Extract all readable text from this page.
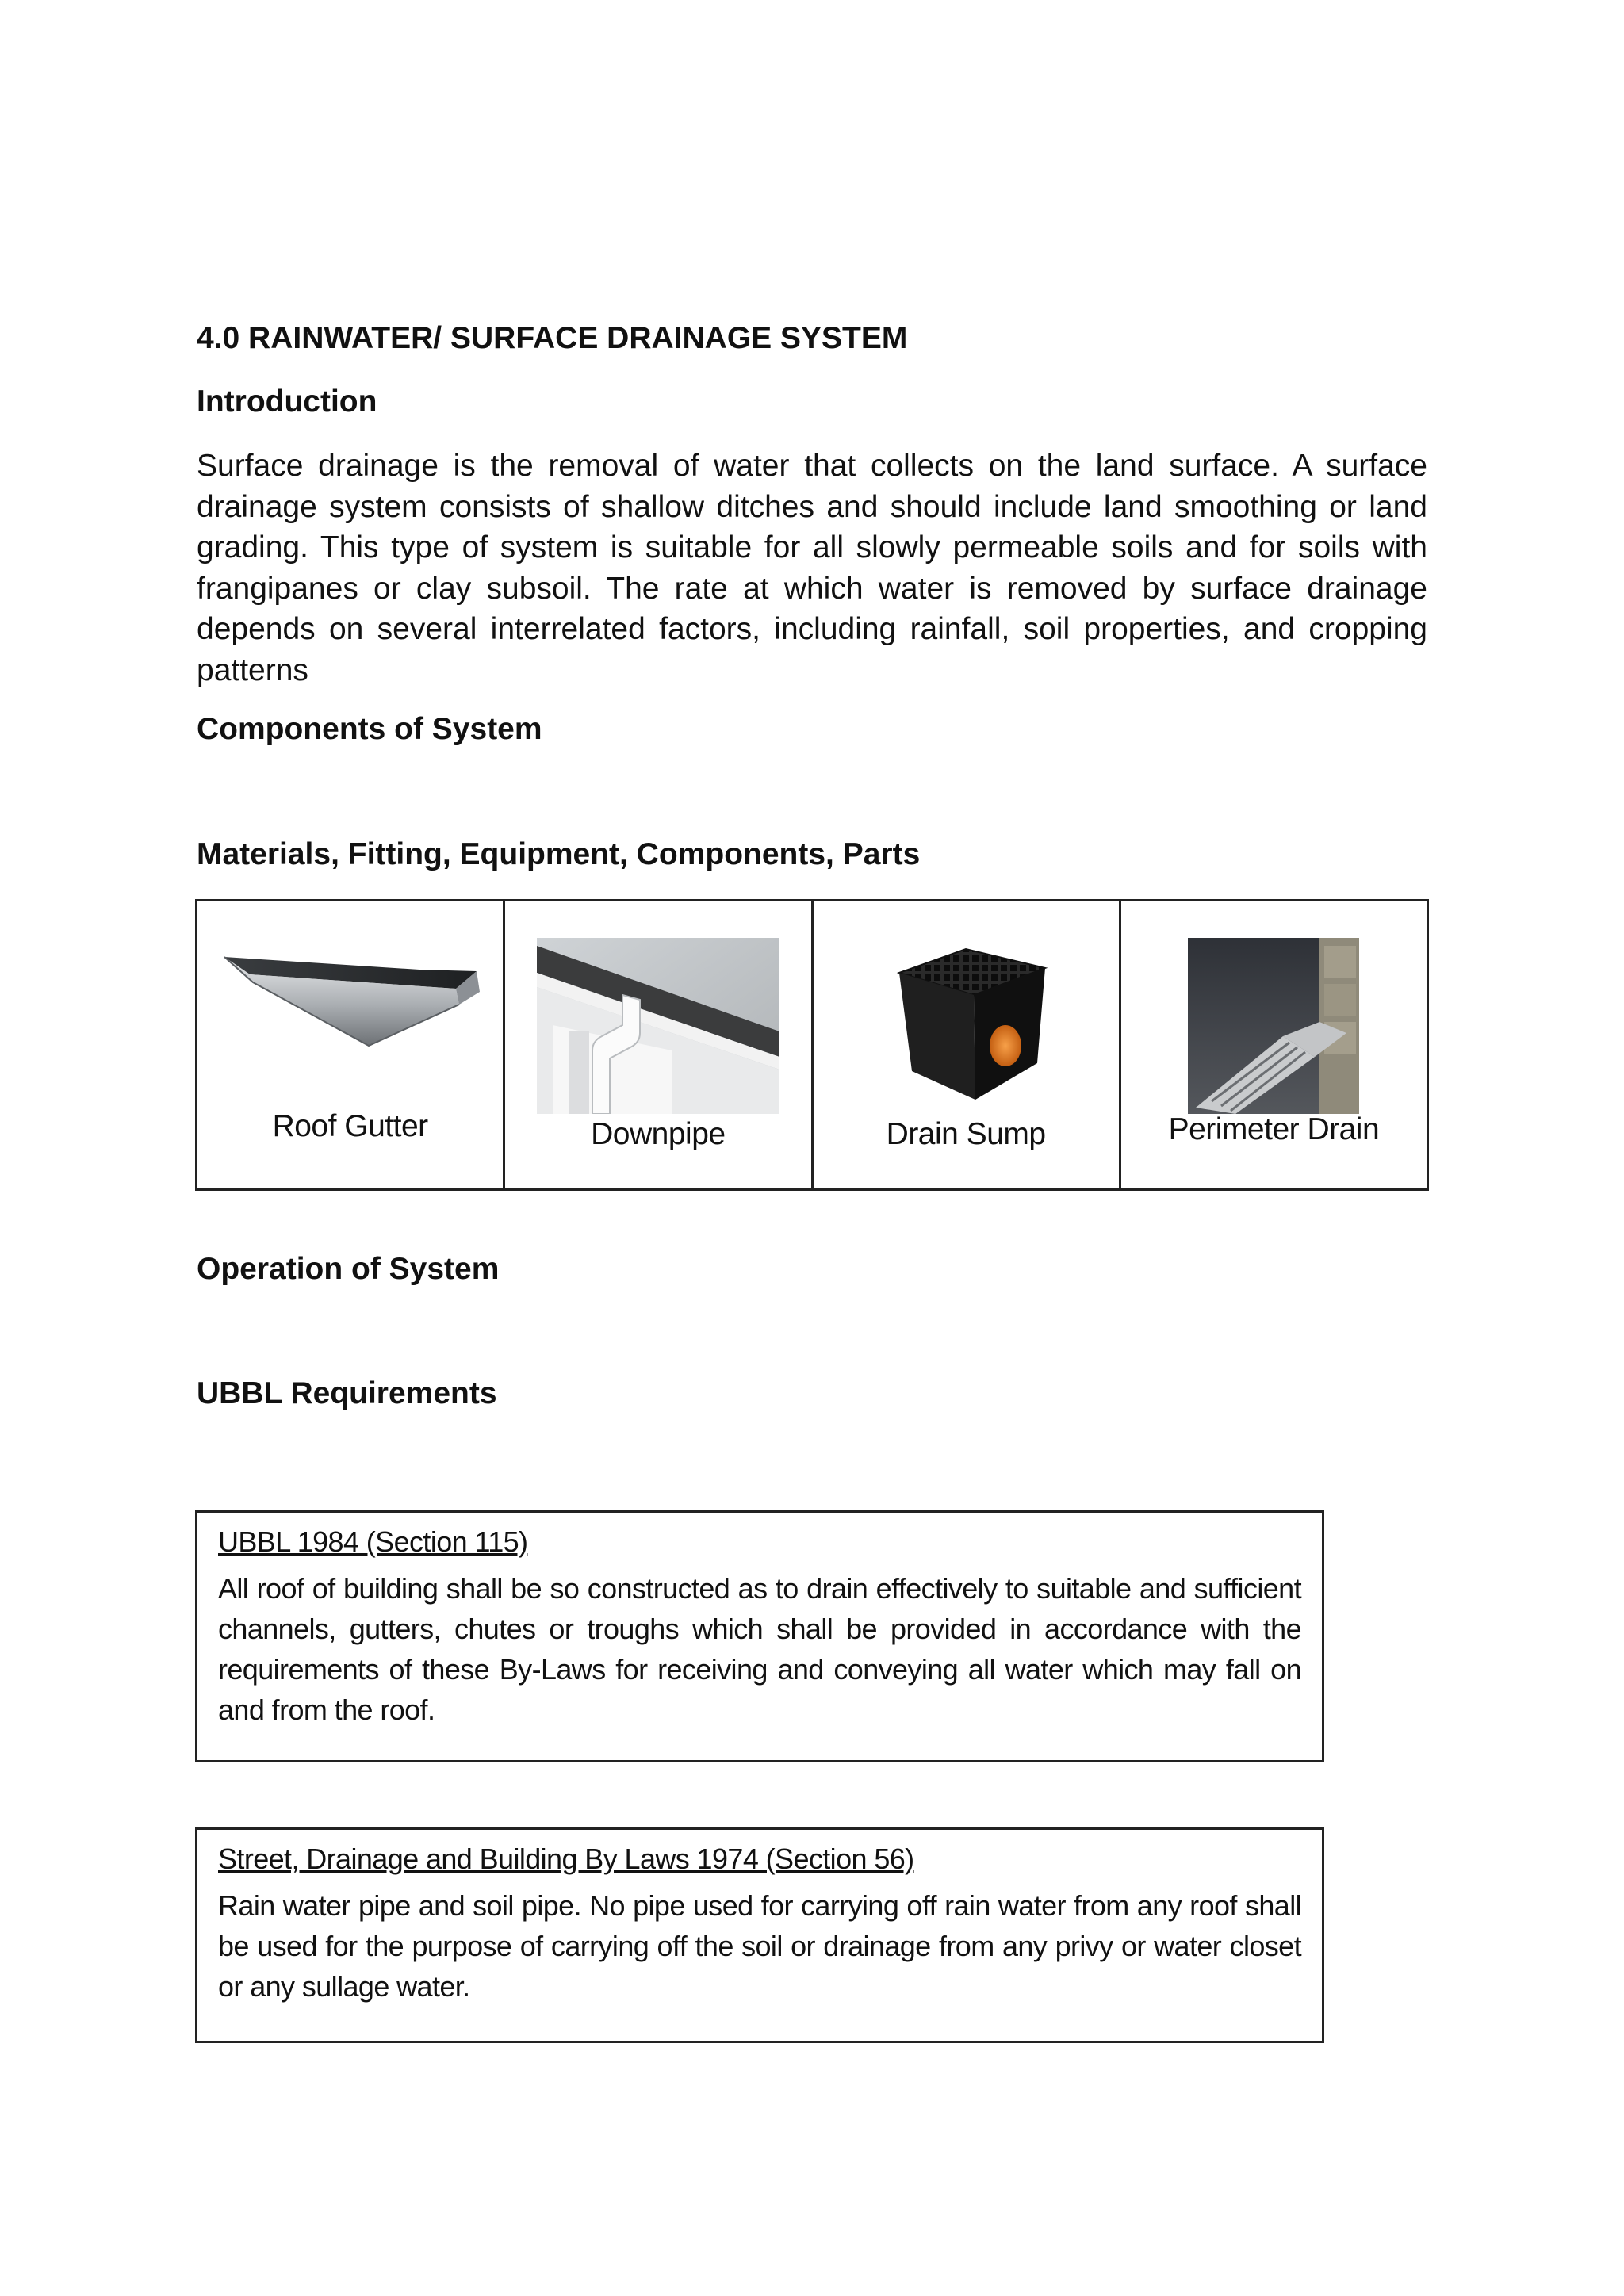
4.0 RAINWATER/ SURFACE DRAINAGE SYSTEM
Introduction

Surface drainage is the removal of water that collects on the land surface. A surface drainage system consists of shallow ditches and should include land smoothing or land grading. This type of system is suitable for all slowly permeable soils and for soils with frangipanes or clay subsoil. The rate at which water is removed by surface drainage depends on several interrelated factors, including rainfall, soil properties, and cropping patterns

Components of System
Materials, Fitting, Equipment, Components, Parts
Roof Gutter	Downpipe	Drain Sump	Perimeter Drain
Operation of System
UBBL Requirements

UBBL 1984 (Section 115)

All roof of building shall be so constructed as to drain effectively to suitable and sufficient channels, gutters, chutes or troughs which shall be provided in accordance with the requirements of these By-Laws for receiving and conveying all water which may fall on and from the roof.

Street, Drainage and Building By Laws 1974 (Section 56)

Rain water pipe and soil pipe. No pipe used for carrying off rain water from any roof shall be used for the purpose of carrying off the soil or drainage from any privy or water closet or any sullage water.
